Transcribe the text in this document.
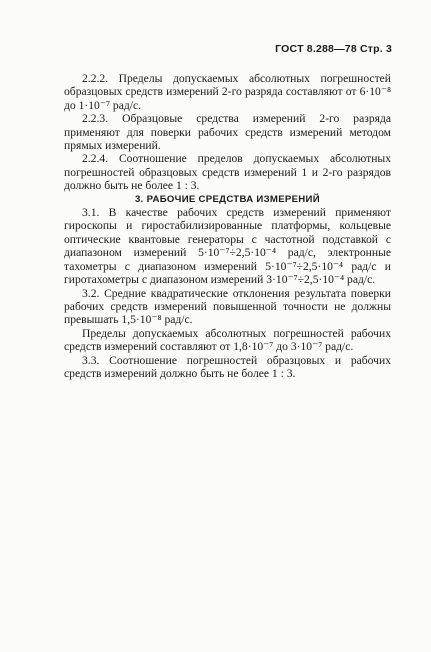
ГОСТ 8.288—78 Стр. 3

2.2.2. Пределы допускаемых абсолютных погрешностей образцовых средств измерений 2-го разряда составляют от 6·10⁻⁸ до 1·10⁻⁷ рад/с.

2.2.3. Образцовые средства измерений 2-го разряда применяют для поверки рабочих средств измерений методом прямых измерений.

2.2.4. Соотношение пределов допускаемых абсолютных погрешностей образцовых средств измерений 1 и 2-го разрядов должно быть не более 1 : 3.

3. РАБОЧИЕ СРЕДСТВА ИЗМЕРЕНИЙ

3.1. В качестве рабочих средств измерений применяют гироскопы и гиростабилизированные платформы, кольцевые оптические квантовые генераторы с частотной подставкой с диапазоном измерений 5·10⁻⁷÷2,5·10⁻⁴ рад/с, электронные тахометры с диапазоном измерений 5·10⁻⁷÷2,5·10⁻⁴ рад/с и гиротахометры с диапазоном измерений 3·10⁻⁷÷2,5·10⁻⁴ рад/с.

3.2. Средние квадратические отклонения результата поверки рабочих средств измерений повышенной точности не должны превышать 1,5·10⁻⁸ рад/с.

Пределы допускаемых абсолютных погрешностей рабочих средств измерений составляют от 1,8·10⁻⁷ до 3·10⁻⁷ рад/с.

3.3. Соотношение погрешностей образцовых и рабочих средств измерений должно быть не более 1 : 3.
